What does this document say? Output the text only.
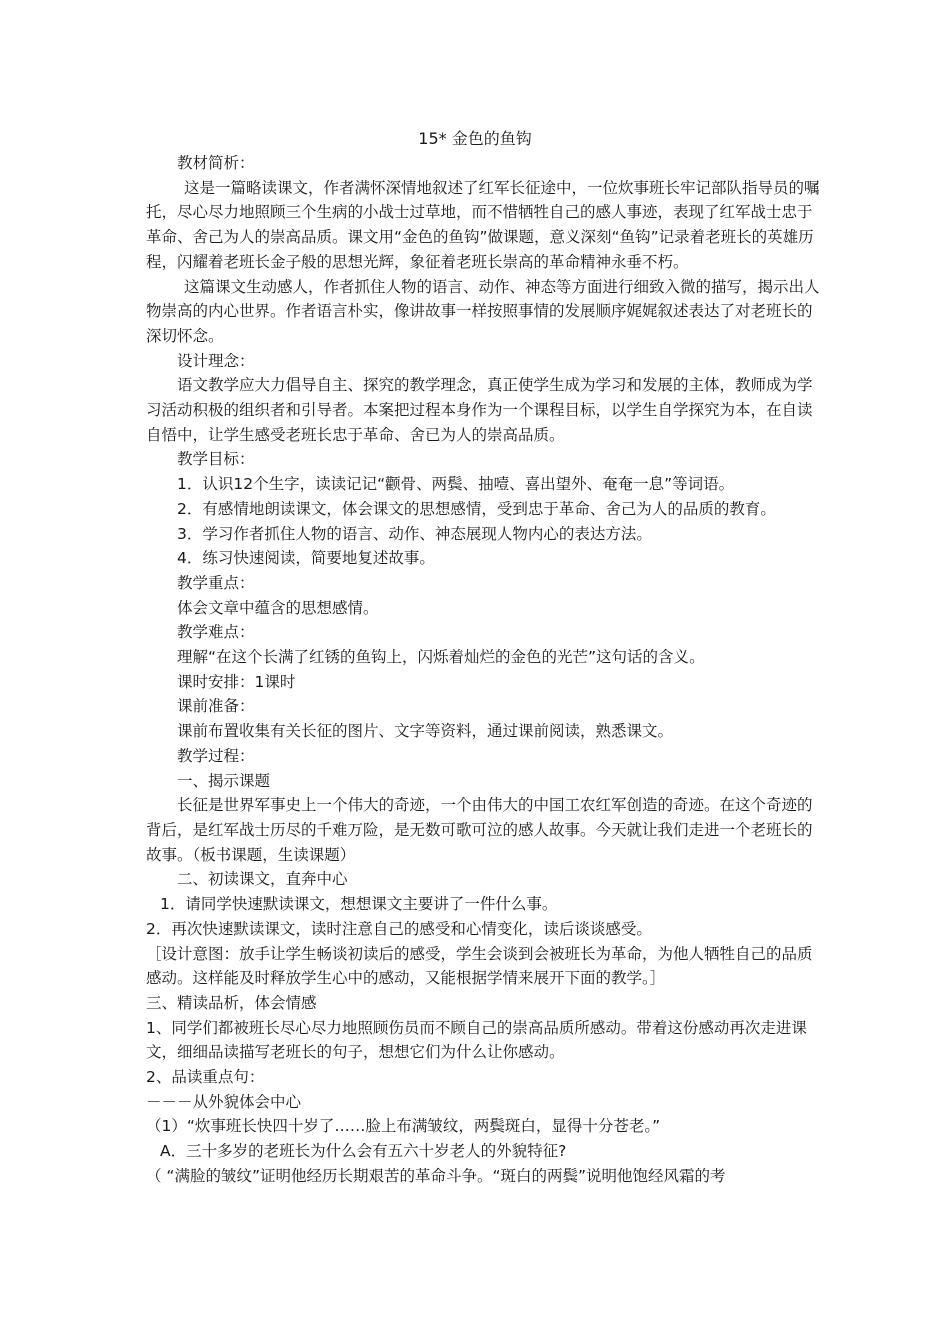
15* 金色的鱼钩

教材简析：

这是一篇略读课文，作者满怀深情地叙述了红军长征途中，一位炊事班长牢记部队指导员的嘱托，尽心尽力地照顾三个生病的小战士过草地，而不惜牺牲自己的感人事迹，表现了红军战士忠于革命、舍己为人的崇高品质。课文用“金色的鱼钩”做课题，意义深刻“鱼钩”记录着老班长的英雄历程，闪耀着老班长金子般的思想光辉，象征着老班长崇高的革命精神永垂不朽。

这篇课文生动感人，作者抓住人物的语言、动作、神态等方面进行细致入微的描写，揭示出人物崇高的内心世界。作者语言朴实，像讲故事一样按照事情的发展顺序娓娓叙述表达了对老班长的深切怀念。

设计理念：

语文教学应大力倡导自主、探究的教学理念，真正使学生成为学习和发展的主体，教师成为学习活动积极的组织者和引导者。本案把过程本身作为一个课程目标，以学生自学探究为本，在自读自悟中，让学生感受老班长忠于革命、舍已为人的崇高品质。

教学目标：

1．认识12个生字，读读记记“颧骨、两鬓、抽噎、喜出望外、奄奄一息”等词语。

2．有感情地朗读课文，体会课文的思想感情，受到忠于革命、舍己为人的品质的教育。

3．学习作者抓住人物的语言、动作、神态展现人物内心的表达方法。

4．练习快速阅读，简要地复述故事。

教学重点：

体会文章中蕴含的思想感情。

教学难点：

理解“在这个长满了红锈的鱼钩上，闪烁着灿烂的金色的光芒”这句话的含义。

课时安排：1课时

课前准备：

课前布置收集有关长征的图片、文字等资料，通过课前阅读，熟悉课文。

教学过程：

一、揭示课题

长征是世界军事史上一个伟大的奇迹，一个由伟大的中国工农红军创造的奇迹。在这个奇迹的背后，是红军战士历尽的千难万险，是无数可歌可泣的感人故事。今天就让我们走进一个老班长的故事。（板书课题，生读课题）

二、初读课文，直奔中心

1．请同学快速默读课文，想想课文主要讲了一件什么事。

2．再次快速默读课文，读时注意自己的感受和心情变化，读后谈谈感受。

［设计意图：放手让学生畅谈初读后的感受，学生会谈到会被班长为革命，为他人牺牲自己的品质感动。这样能及时释放学生心中的感动，又能根据学情来展开下面的教学。］

三、精读品析，体会情感

1、同学们都被班长尽心尽力地照顾伤员而不顾自己的崇高品质所感动。带着这份感动再次走进课文，细细品读描写老班长的句子，想想它们为什么让你感动。

2、品读重点句：

－－－从外貌体会中心

（1）“炊事班长快四十岁了……脸上布满皱纹，两鬓斑白，显得十分苍老。”

A．三十多岁的老班长为什么会有五六十岁老人的外貌特征?

（ “满脸的皱纹”证明他经历长期艰苦的革命斗争。“斑白的两鬓”说明他饱经风霜的考
